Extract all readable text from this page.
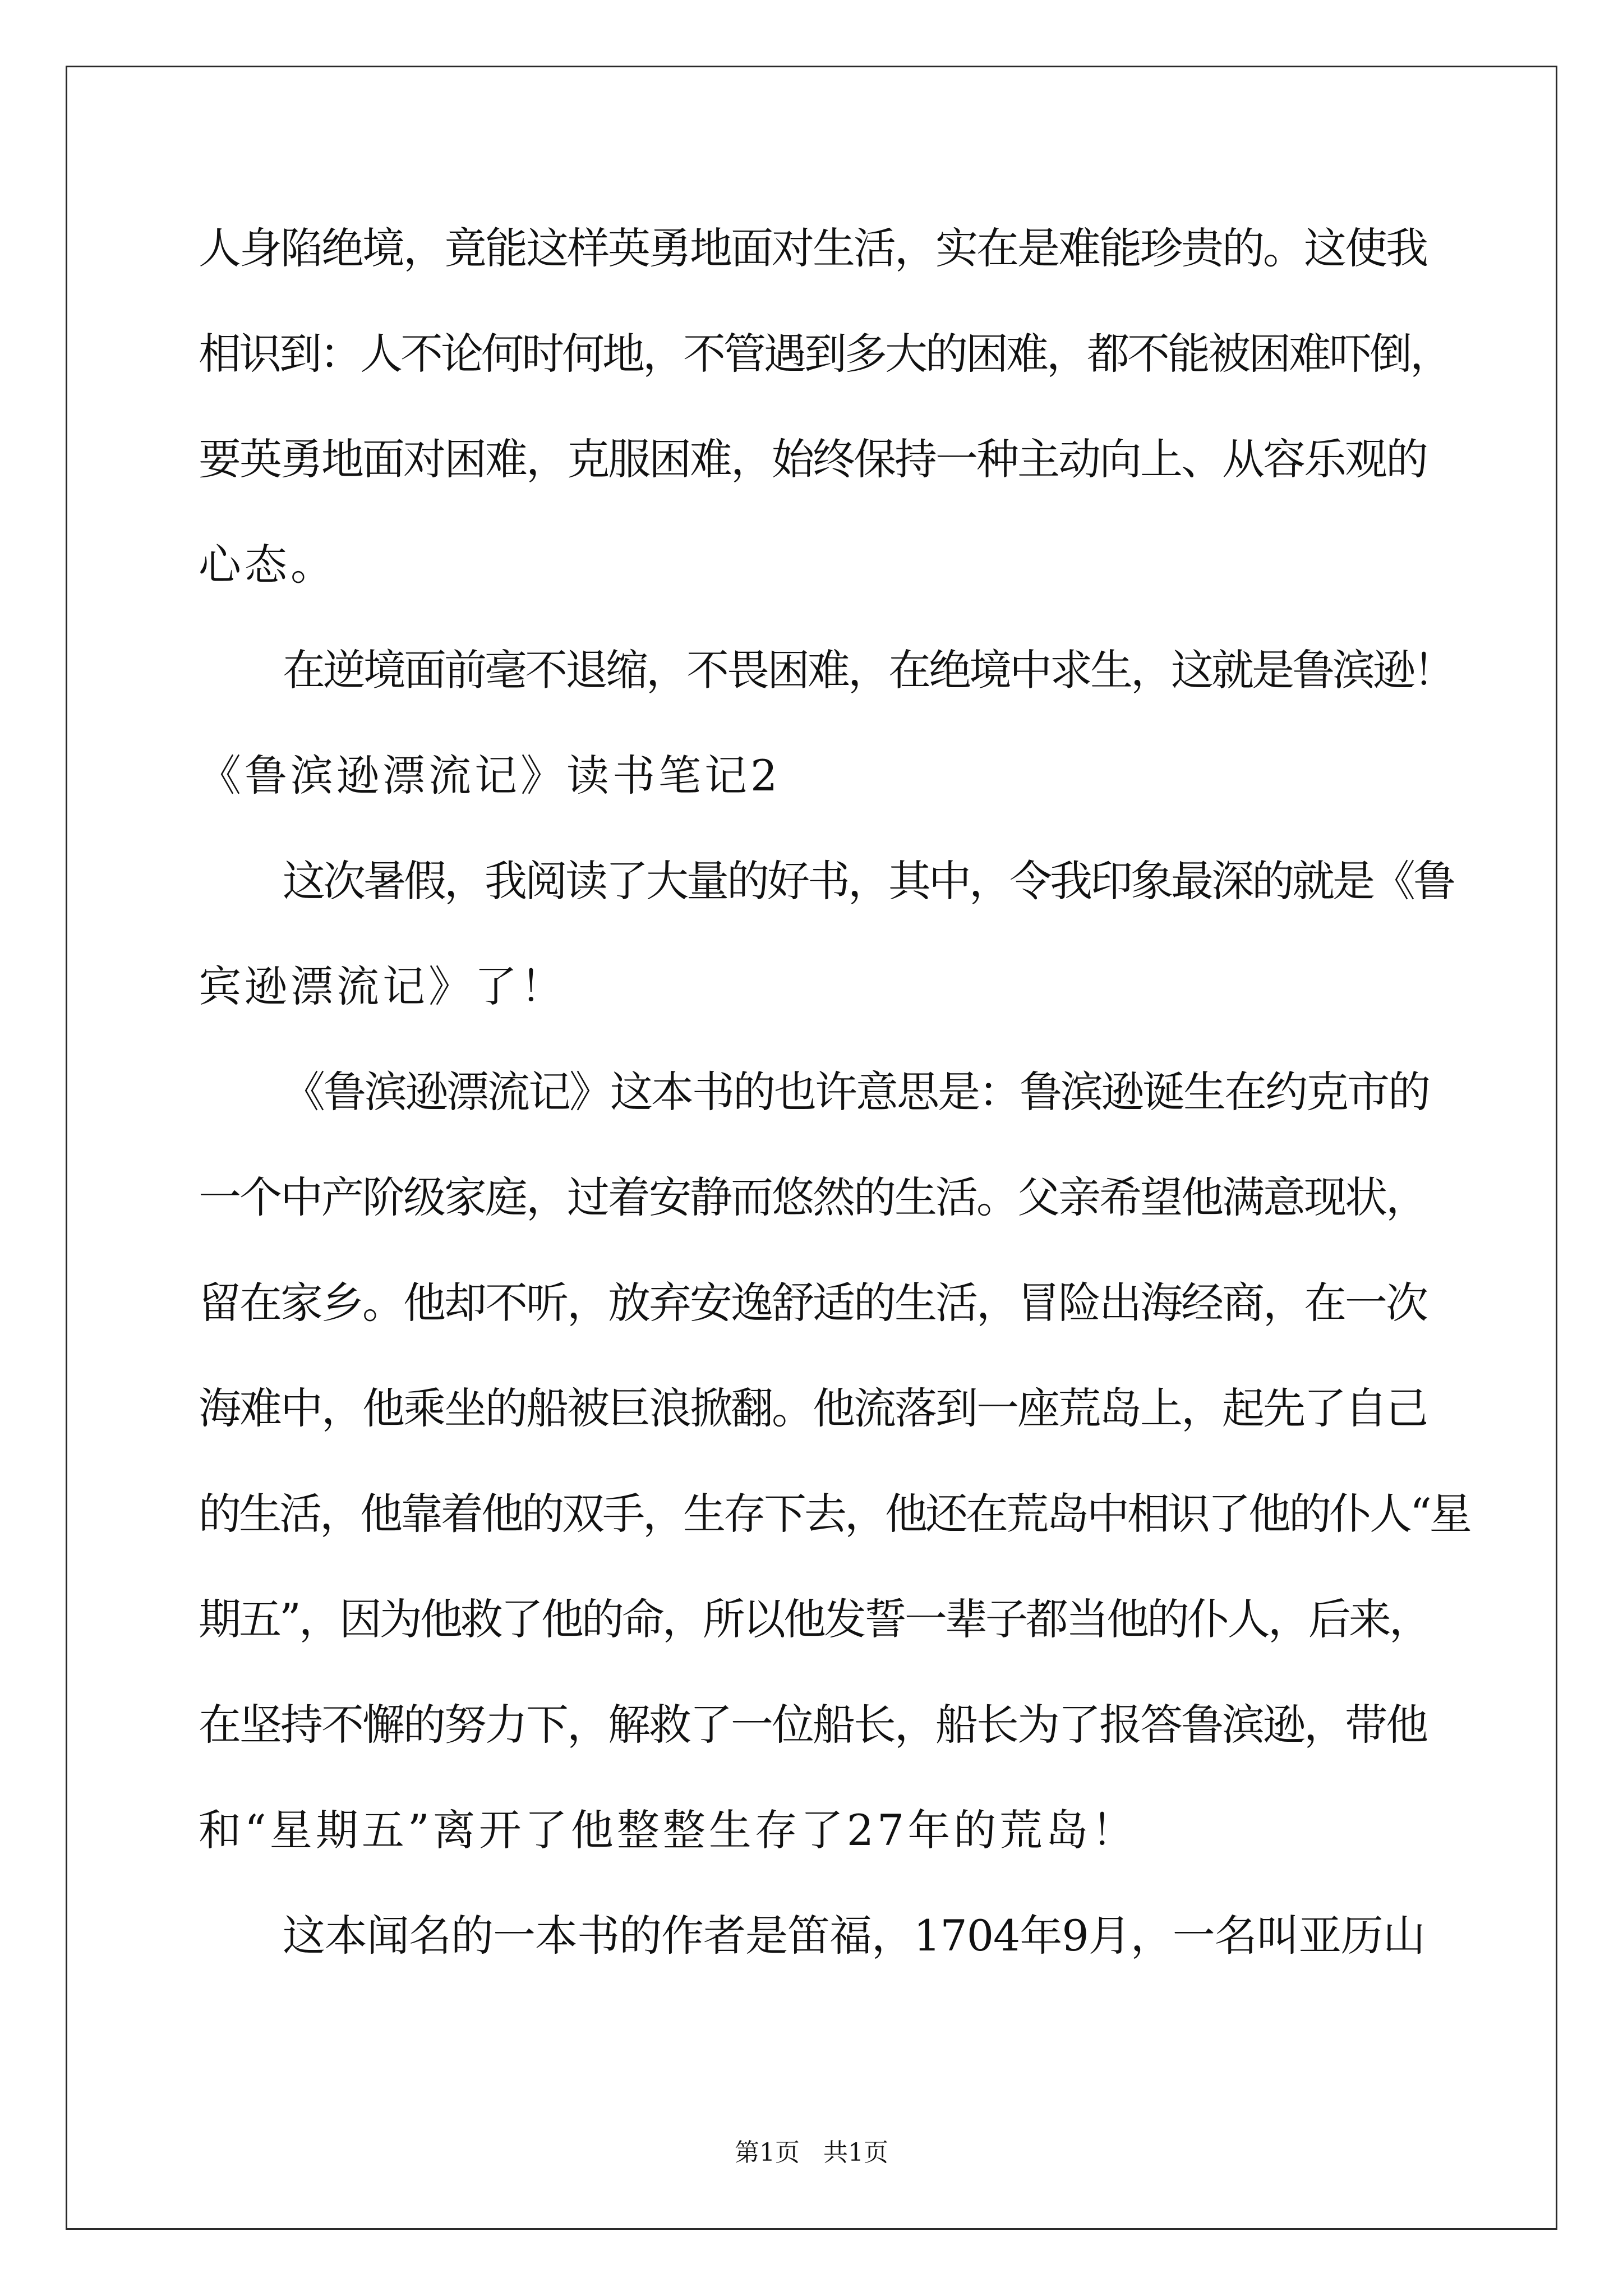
人身陷绝境，竟能这样英勇地面对生活，实在是难能珍贵的。这使我
相识到：人不论何时何地，不管遇到多大的困难，都不能被困难吓倒，
要英勇地面对困难，克服困难，始终保持一种主动向上、从容乐观的
心态。
在逆境面前毫不退缩，不畏困难，在绝境中求生，这就是鲁滨逊！
《鲁滨逊漂流记》读书笔记2
这次暑假，我阅读了大量的好书，其中，令我印象最深的就是《鲁
宾逊漂流记》了！
《鲁滨逊漂流记》这本书的也许意思是：鲁滨逊诞生在约克市的
一个中产阶级家庭，过着安静而悠然的生活。父亲希望他满意现状，
留在家乡。他却不听，放弃安逸舒适的生活，冒险出海经商，在一次
海难中，他乘坐的船被巨浪掀翻。他流落到一座荒岛上，起先了自己
的生活，他靠着他的双手，生存下去，他还在荒岛中相识了他的仆人“星
期五”，因为他救了他的命，所以他发誓一辈子都当他的仆人，后来，
在坚持不懈的努力下，解救了一位船长，船长为了报答鲁滨逊，带他
和“星期五”离开了他整整生存了27年的荒岛！
这本闻名的一本书的作者是笛福，1704年9月，一名叫亚历山
第1页   共1页
